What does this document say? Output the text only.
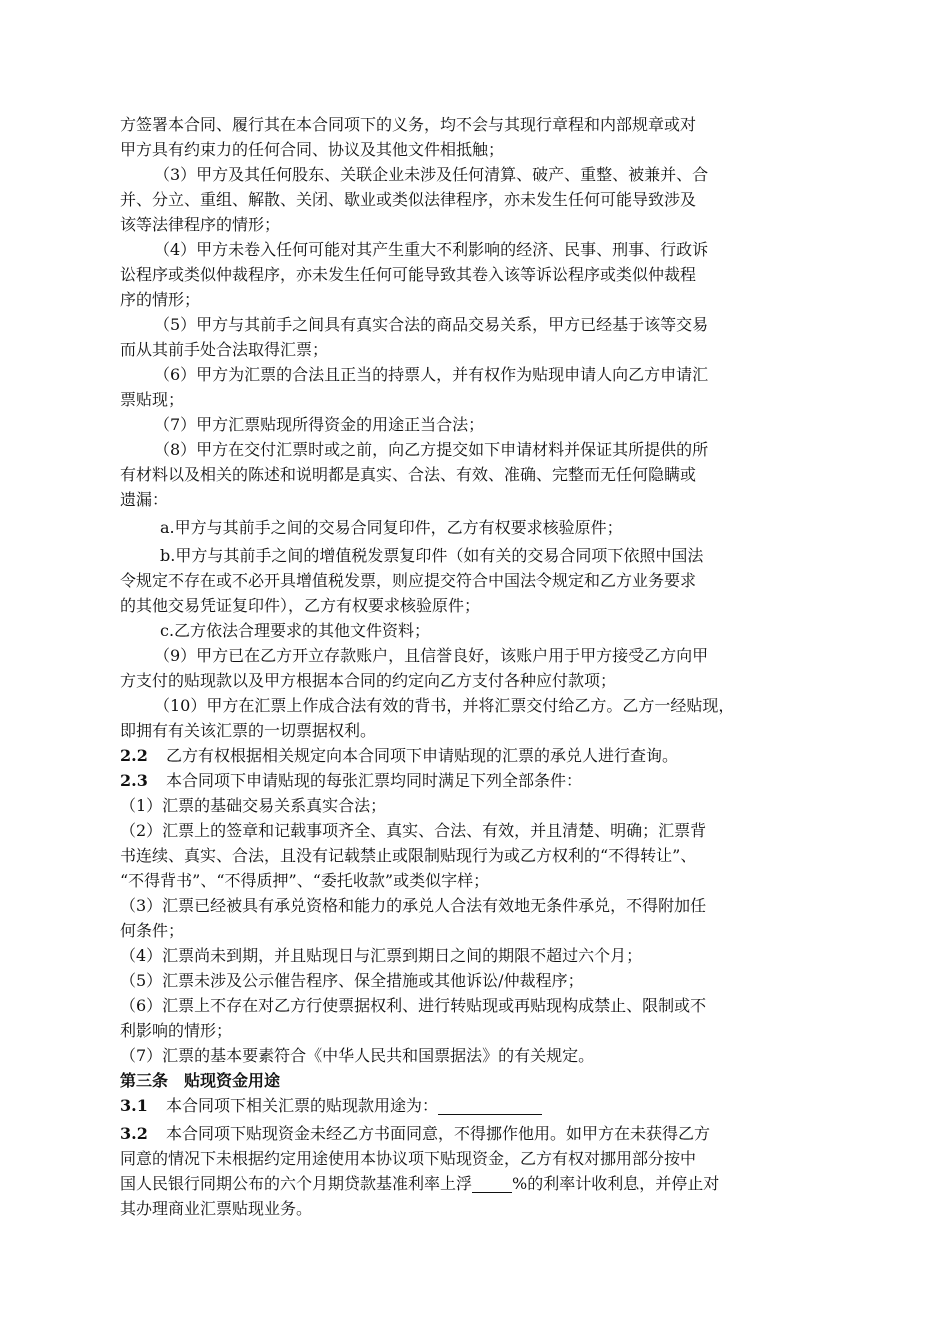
方签署本合同、履行其在本合同项下的义务，均不会与其现行章程和内部规章或对
甲方具有约束力的任何合同、协议及其他文件相抵触；
（3）甲方及其任何股东、关联企业未涉及任何清算、破产、重整、被兼并、合
并、分立、重组、解散、关闭、歇业或类似法律程序，亦未发生任何可能导致涉及
该等法律程序的情形；
（4）甲方未卷入任何可能对其产生重大不利影响的经济、民事、刑事、行政诉
讼程序或类似仲裁程序，亦未发生任何可能导致其卷入该等诉讼程序或类似仲裁程
序的情形；
（5）甲方与其前手之间具有真实合法的商品交易关系，甲方已经基于该等交易
而从其前手处合法取得汇票；
（6）甲方为汇票的合法且正当的持票人，并有权作为贴现申请人向乙方申请汇
票贴现；
（7）甲方汇票贴现所得资金的用途正当合法；
（8）甲方在交付汇票时或之前，向乙方提交如下申请材料并保证其所提供的所
有材料以及相关的陈述和说明都是真实、合法、有效、准确、完整而无任何隐瞒或
遗漏：
a.甲方与其前手之间的交易合同复印件，乙方有权要求核验原件；
b.甲方与其前手之间的增值税发票复印件（如有关的交易合同项下依照中国法
令规定不存在或不必开具增值税发票，则应提交符合中国法令规定和乙方业务要求
的其他交易凭证复印件），乙方有权要求核验原件；
c.乙方依法合理要求的其他文件资料；
（9）甲方已在乙方开立存款账户，且信誉良好，该账户用于甲方接受乙方向甲
方支付的贴现款以及甲方根据本合同的约定向乙方支付各种应付款项；
（10）甲方在汇票上作成合法有效的背书，并将汇票交付给乙方。乙方一经贴现，
即拥有有关该汇票的一切票据权利。
2.2 乙方有权根据相关规定向本合同项下申请贴现的汇票的承兑人进行查询。
2.3 本合同项下申请贴现的每张汇票均同时满足下列全部条件：
（1）汇票的基础交易关系真实合法；
（2）汇票上的签章和记载事项齐全、真实、合法、有效，并且清楚、明确；汇票背
书连续、真实、合法，且没有记载禁止或限制贴现行为或乙方权利的“不得转让”、
“不得背书”、“不得质押”、“委托收款”或类似字样；
（3）汇票已经被具有承兑资格和能力的承兑人合法有效地无条件承兑，不得附加任
何条件；
（4）汇票尚未到期，并且贴现日与汇票到期日之间的期限不超过六个月；
（5）汇票未涉及公示催告程序、保全措施或其他诉讼/仲裁程序；
（6）汇票上不存在对乙方行使票据权利、进行转贴现或再贴现构成禁止、限制或不
利影响的情形；
（7）汇票的基本要素符合《中华人民共和国票据法》的有关规定。
第三条　贴现资金用途
3.1 本合同项下相关汇票的贴现款用途为：
3.2 本合同项下贴现资金未经乙方书面同意，不得挪作他用。如甲方在未获得乙方
同意的情况下未根据约定用途使用本协议项下贴现资金，乙方有权对挪用部分按中
国人民银行同期公布的六个月期贷款基准利率上浮	%的利率计收利息，并停止对
其办理商业汇票贴现业务。
